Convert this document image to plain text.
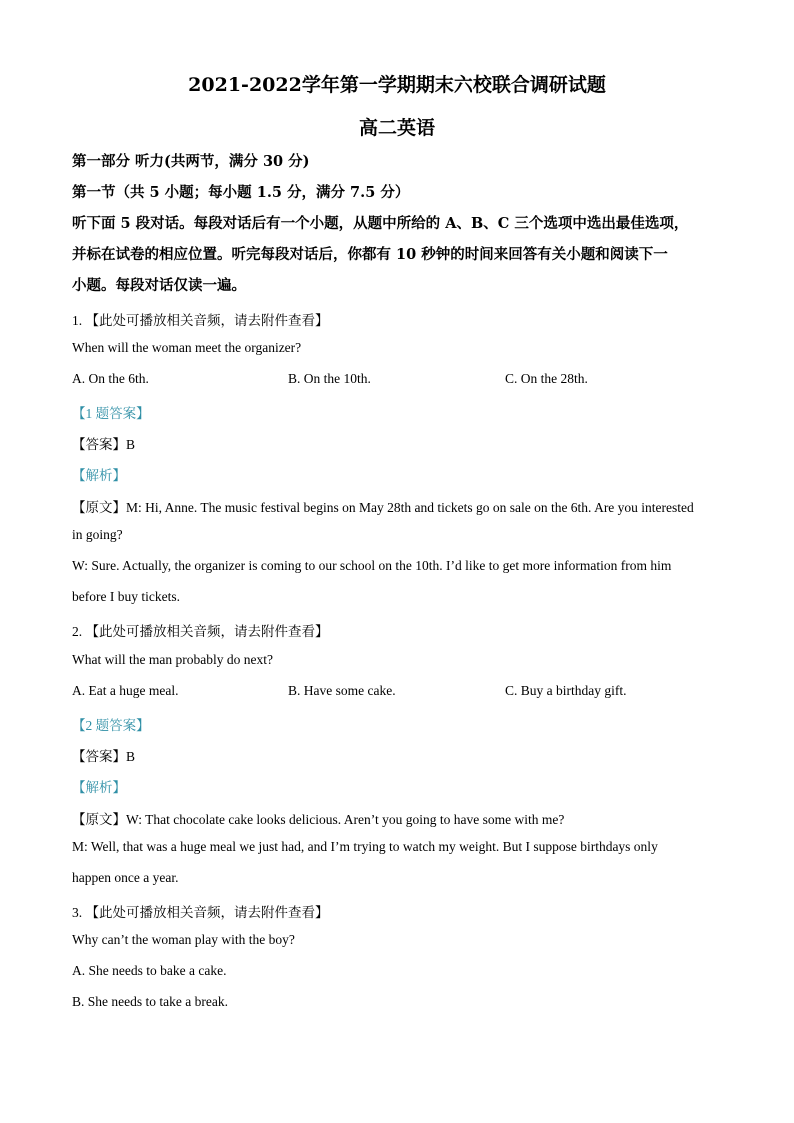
2021-2022学年第一学期期末六校联合调研试题
高二英语

第一部分 听力(共两节，满分 30 分)

第一节（共 5 小题；每小题 1.5 分，满分 7.5 分）

听下面 5 段对话。每段对话后有一个小题，从题中所给的 A、B、C 三个选项中选出最佳选项，

并标在试卷的相应位置。听完每段对话后，你都有 10 秒钟的时间来回答有关小题和阅读下一

小题。每段对话仅读一遍。

1. 【此处可播放相关音频，请去附件查看】

When will the woman meet the organizer?

A. On the 6th.	B. On the 10th.	C. On the 28th.

【1 题答案】

【答案】B

【解析】

【原文】M: Hi, Anne. The music festival begins on May 28th and tickets go on sale on the 6th. Are you interested

in going?

W: Sure. Actually, the organizer is coming to our school on the 10th. I’d like to get more information from him

before I buy tickets.

2. 【此处可播放相关音频，请去附件查看】

What will the man probably do next?

A. Eat a huge meal.	B. Have some cake.	C. Buy a birthday gift.

【2 题答案】

【答案】B

【解析】

【原文】W: That chocolate cake looks delicious. Aren’t you going to have some with me?

M: Well, that was a huge meal we just had, and I’m trying to watch my weight. But I suppose birthdays only

happen once a year.

3. 【此处可播放相关音频，请去附件查看】

Why can’t the woman play with the boy?

A. She needs to bake a cake.

B. She needs to take a break.
